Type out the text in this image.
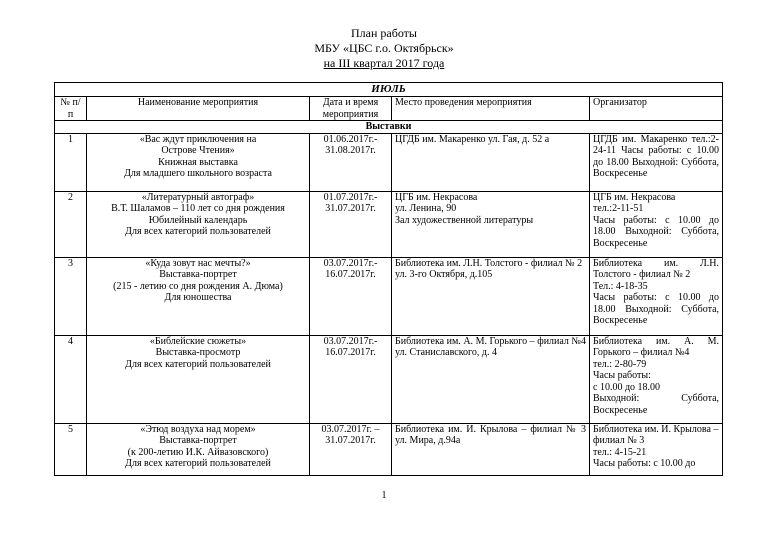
План работы
МБУ «ЦБС г.о. Октябрьск»
на III квартал 2017 года
ИЮЛЬ				
№ п/п	Наименование мероприятия	Дата и время мероприятия	Место проведения мероприятия	Организатор
Выставки				
1	«Вас ждут приключения на
Острове Чтения»
Книжная выставка
Для младшего школьного возраста	01.06.2017г.-
31.08.2017г.	ЦГДБ им. Макаренко ул. Гая, д. 52 а	ЦГДБ им. Макаренко тел.:2-24-11 Часы работы: с 10.00 до 18.00 Выходной: Суббота, Воскресенье

2	«Литературный автограф»
В.Т. Шаламов – 110 лет со дня рождения
Юбилейный календарь
Для всех категорий пользователей	01.07.2017г.-
31.07.2017г.	ЦГБ им. Некрасова
ул. Ленина, 90
Зал художественной литературы	ЦГБ им. Некрасова
тел.:2-11-51
Часы работы: с 10.00 до 18.00 Выходной: Суббота, Воскресенье

3	«Куда зовут нас мечты?»
Выставка-портрет
(215 - летию со дня рождения А. Дюма)
Для юношества	03.07.2017г.-
16.07.2017г.	Библиотека им. Л.Н. Толстого - филиал № 2
ул. 3-го Октября, д.105	Библиотека им. Л.Н. Толстого - филиал № 2
Тел.: 4-18-35
Часы работы: с 10.00 до 18.00 Выходной: Суббота, Воскресенье

4	«Библейские сюжеты»
Выставка-просмотр
Для всех категорий пользователей	03.07.2017г.-
16.07.2017г.	Библиотека им. А. М. Горького – филиал №4 ул. Станиславского, д. 4	Библиотека им. А. М. Горького – филиал №4
тел.: 2-80-79
Часы работы:
с 10.00 до 18.00
Выходной: Суббота, Воскресенье

5	«Этюд воздуха над морем»
Выставка-портрет
(к 200-летию И.К. Айвазовского)
Для всех категорий пользователей	03.07.2017г. –
31.07.2017г.	Библиотека им. И. Крылова – филиал № 3 ул. Мира, д.94а	Библиотека им. И. Крылова – филиал № 3
тел.: 4-15-21
Часы работы: с 10.00 до
1
